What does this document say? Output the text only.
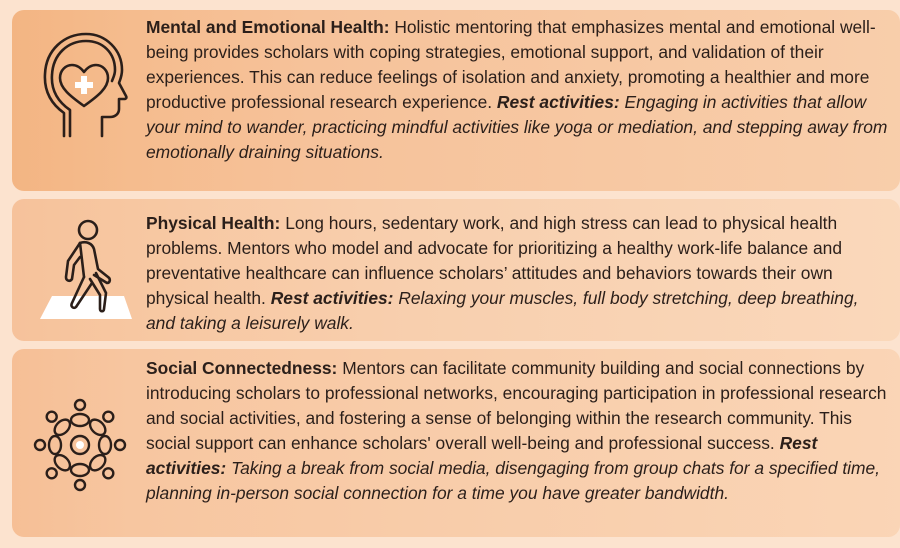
Mental and Emotional Health: Holistic mentoring that emphasizes mental and emotional well-being provides scholars with coping strategies, emotional support, and validation of their experiences. This can reduce feelings of isolation and anxiety, promoting a healthier and more productive professional research experience. Rest activities: Engaging in activities that allow your mind to wander, practicing mindful activities like yoga or mediation, and stepping away from emotionally draining situations.
Physical Health: Long hours, sedentary work, and high stress can lead to physical health problems. Mentors who model and advocate for prioritizing a healthy work-life balance and preventative healthcare can influence scholars’ attitudes and behaviors towards their own physical health. Rest activities: Relaxing your muscles, full body stretching, deep breathing, and taking a leisurely walk.
Social Connectedness: Mentors can facilitate community building and social connections by introducing scholars to professional networks, encouraging participation in professional research and social activities, and fostering a sense of belonging within the research community. This social support can enhance scholars' overall well-being and professional success. Rest activities: Taking a break from social media, disengaging from group chats for a specified time, planning in-person social connection for a time you have greater bandwidth.
